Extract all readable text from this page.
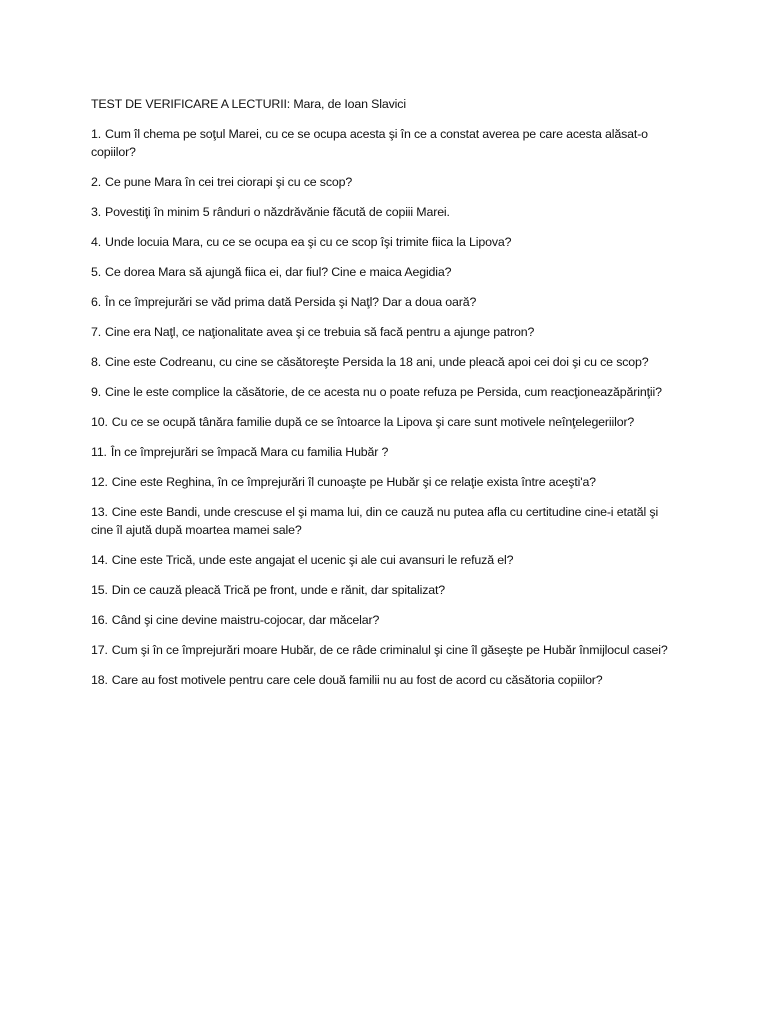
TEST DE VERIFICARE A LECTURII: Mara, de Ioan Slavici

1. Cum îl chema pe soţul Marei, cu ce se ocupa acesta şi în ce a constat averea pe care acesta alăsat-o copiilor?

2. Ce pune Mara în cei trei ciorapi şi cu ce scop?

3. Povestiţi în minim 5 rânduri o năzdrăvănie făcută de copiii Marei.

4. Unde locuia Mara, cu ce se ocupa ea şi cu ce scop îşi trimite fiica la Lipova?

5. Ce dorea Mara să ajungă fiica ei, dar fiul? Cine e maica Aegidia?

6. În ce împrejurări se văd prima dată Persida şi Naţl? Dar a doua oară?

7. Cine era Naţl, ce naţionalitate avea şi ce trebuia să facă pentru a ajunge patron?

8. Cine este Codreanu, cu cine se căsătoreşte Persida la 18 ani, unde pleacă apoi cei doi şi cu ce scop?

9. Cine le este complice la căsătorie, de ce acesta nu o poate refuza pe Persida, cum reacţioneazăpărinţii?

10. Cu ce se ocupă tânăra familie după ce se întoarce la Lipova şi care sunt motivele neînţelegeriilor?

11. În ce împrejurări se împacă Mara cu familia Hubăr ?

12. Cine este Reghina, în ce împrejurări îl cunoaşte pe Hubăr şi ce relaţie exista între aceşti'a?

13. Cine este Bandi, unde crescuse el şi mama lui, din ce cauză nu putea afla cu certitudine cine-i etatăl şi cine îl ajută după moartea mamei sale?

14. Cine este Trică, unde este angajat el ucenic şi ale cui avansuri le refuză el?

15. Din ce cauză pleacă Trică pe front, unde e rănit, dar spitalizat?

16. Când şi cine devine maistru-cojocar, dar măcelar?

17. Cum şi în ce împrejurări moare Hubăr, de ce râde criminalul şi cine îl găseşte pe Hubăr înmijlocul casei?

18. Care au fost motivele pentru care cele două familii nu au fost de acord cu căsătoria copiilor?
